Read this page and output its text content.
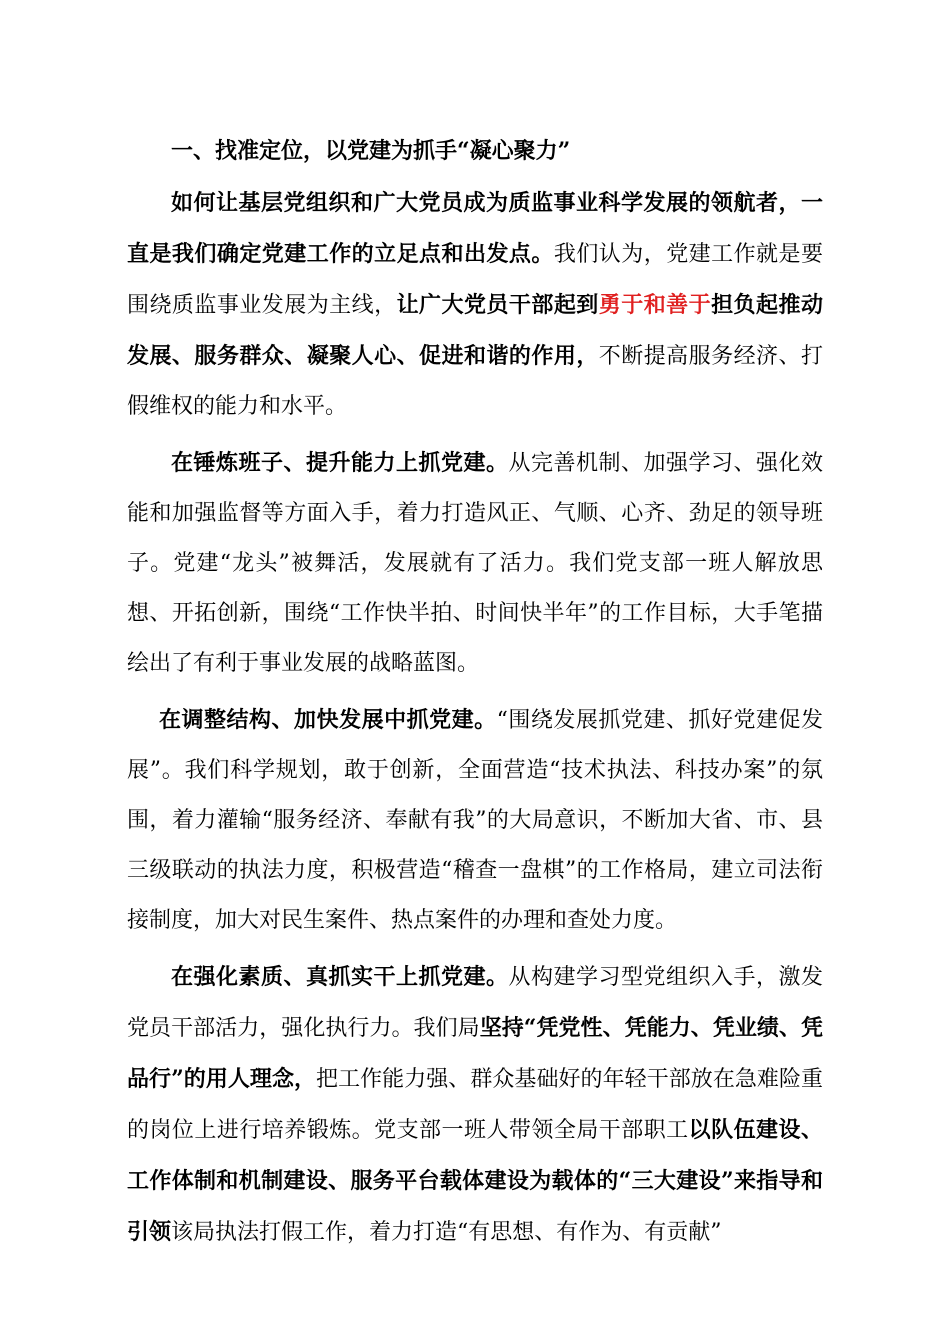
一、找准定位，以党建为抓手“凝心聚力”

如何让基层党组织和广大党员成为质监事业科学发展的领航者，一直是我们确定党建工作的立足点和出发点。我们认为，党建工作就是要围绕质监事业发展为主线，让广大党员干部起到勇于和善于担负起推动发展、服务群众、凝聚人心、促进和谐的作用，不断提高服务经济、打假维权的能力和水平。

在锤炼班子、提升能力上抓党建。从完善机制、加强学习、强化效能和加强监督等方面入手，着力打造风正、气顺、心齐、劲足的领导班子。党建“龙头”被舞活，发展就有了活力。我们党支部一班人解放思想、开拓创新，围绕“工作快半拍、时间快半年”的工作目标，大手笔描绘出了有利于事业发展的战略蓝图。

在调整结构、加快发展中抓党建。“围绕发展抓党建、抓好党建促发展”。我们科学规划，敢于创新，全面营造“技术执法、科技办案”的氛围，着力灌输“服务经济、奉献有我”的大局意识，不断加大省、市、县三级联动的执法力度，积极营造“稽查一盘棋”的工作格局，建立司法衔接制度，加大对民生案件、热点案件的办理和查处力度。

在强化素质、真抓实干上抓党建。从构建学习型党组织入手，激发党员干部活力，强化执行力。我们局坚持“凭党性、凭能力、凭业绩、凭品行”的用人理念，把工作能力强、群众基础好的年轻干部放在急难险重的岗位上进行培养锻炼。党支部一班人带领全局干部职工以队伍建设、工作体制和机制建设、服务平台载体建设为载体的“三大建设”来指导和引领该局执法打假工作，着力打造“有思想、有作为、有贡献”
